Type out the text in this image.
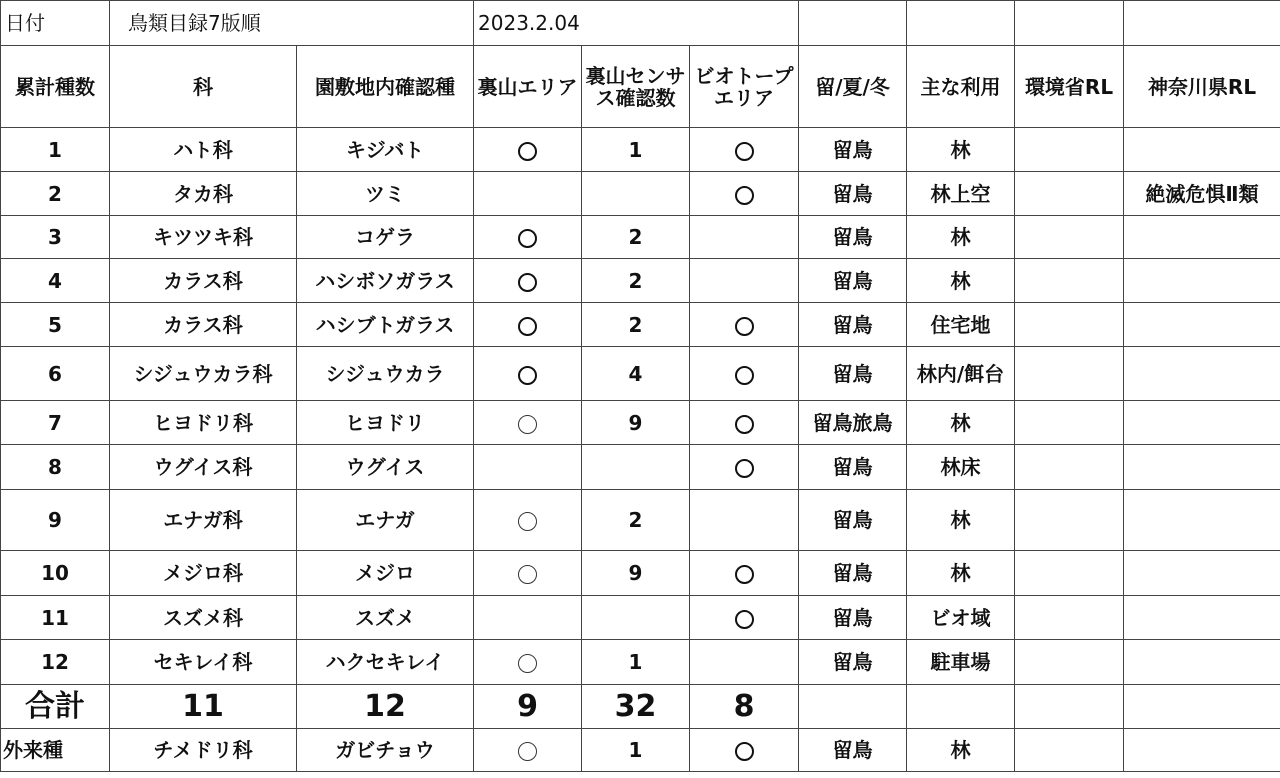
日付	鳥類目録7版順		2023.2.04						
累計種数	科	園敷地内確認種	裏山エリア	裏山センサス確認数	ビオトープエリア	留/夏/冬	主な利用	環境省RL	神奈川県RL
1	ハト科	キジバト		1		留鳥	林		
2	タカ科	ツミ				留鳥	林上空		絶滅危惧Ⅱ類
3	キツツキ科	コゲラ		2		留鳥	林		
4	カラス科	ハシボソガラス		2		留鳥	林		
5	カラス科	ハシブトガラス		2		留鳥	住宅地		
6	シジュウカラ科	シジュウカラ		4		留鳥	林内/餌台		
7	ヒヨドリ科	ヒヨドリ		9		留鳥旅鳥	林		
8	ウグイス科	ウグイス				留鳥	林床		
9	エナガ科	エナガ		2		留鳥	林		
10	メジロ科	メジロ		9		留鳥	林		
11	スズメ科	スズメ				留鳥	ビオ域		
12	セキレイ科	ハクセキレイ		1		留鳥	駐車場		
合計	11	12	9	32	8				
外来種	チメドリ科	ガビチョウ		1		留鳥	林		
